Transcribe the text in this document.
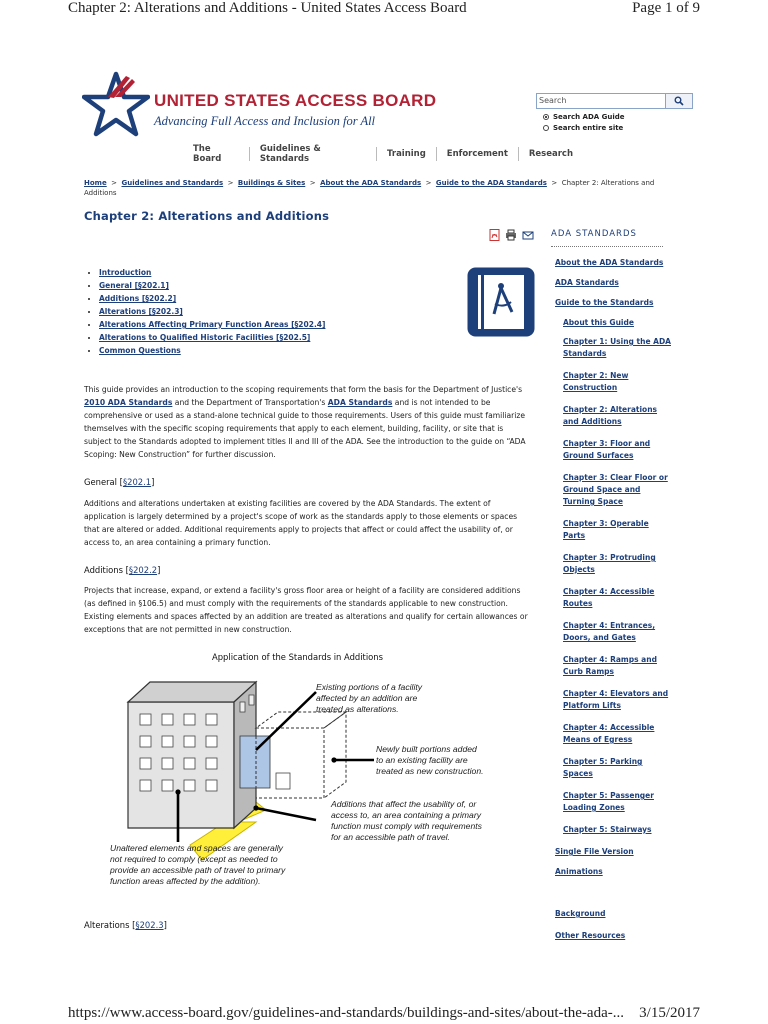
Chapter 2: Alterations and Additions - United States Access Board	Page 1 of 9
https://www.access-board.gov/guidelines-and-standards/buildings-and-sites/about-the-ada-... 3/15/2017
UNITED STATES ACCESS BOARD
Advancing Full Access and Inclusion for All
Search
Search ADA Guide
Search entire site
The Board
Guidelines & Standards	Training	Enforcement	Research
Home > Guidelines and Standards > Buildings & Sites > About the ADA Standards > Guide to the ADA Standards > Chapter 2: Alterations and Additions
Chapter 2: Alterations and Additions
ADA STANDARDS
About the ADA Standards
ADA Standards
Guide to the Standards
About this Guide
Chapter 1: Using the ADA Standards
Chapter 2: New Construction
Chapter 2: Alterations and Additions
Chapter 3: Floor and Ground Surfaces
Chapter 3: Clear Floor or Ground Space and Turning Space
Chapter 3: Operable Parts
Chapter 3: Protruding Objects
Chapter 4: Accessible Routes
Chapter 4: Entrances, Doors, and Gates
Chapter 4: Ramps and Curb Ramps
Chapter 4: Elevators and Platform Lifts
Chapter 4: Accessible Means of Egress
Chapter 5: Parking Spaces
Chapter 5: Passenger Loading Zones
Chapter 5: Stairways
Single File Version
Animations
Background
Other Resources
• Introduction
• General [§202.1]
• Additions [§202.2]
• Alterations [§202.3]
• Alterations Affecting Primary Function Areas [§202.4]
• Alterations to Qualified Historic Facilities [§202.5]
• Common Questions
This guide provides an introduction to the scoping requirements that form the basis for the Department of Justice's 2010 ADA Standards and the Department of Transportation's ADA Standards and is not intended to be comprehensive or used as a stand-alone technical guide to those requirements. Users of this guide must familiarize themselves with the specific scoping requirements that apply to each element, building, facility, or site that is subject to the Standards adopted to implement titles II and III of the ADA. See the introduction to the guide on “ADA Scoping: New Construction” for further discussion.
General [§202.1]
Additions and alterations undertaken at existing facilities are covered by the ADA Standards. The extent of application is largely determined by a project's scope of work as the standards apply to those elements or spaces that are altered or added. Additional requirements apply to projects that affect or could affect the usability of, or access to, an area containing a primary function.
Additions [§202.2]
Projects that increase, expand, or extend a facility's gross floor area or height of a facility are considered additions (as defined in §106.5) and must comply with the requirements of the standards applicable to new construction. Existing elements and spaces affected by an addition are treated as alterations and qualify for certain allowances or exceptions that are not permitted in new construction.
Application of the Standards in Additions

Existing portions of a facility
affected by an addition are
treated as alterations.

Newly built portions added
to an existing facility are
treated as new construction.

Additions that affect the usability of, or
access to, an area containing a primary
function must comply with requirements
for an accessible path of travel.

Unaltered elements and spaces are generally
not required to comply (except as needed to
provide an accessible path of travel to primary
function areas affected by the addition).

Alterations [§202.3]
